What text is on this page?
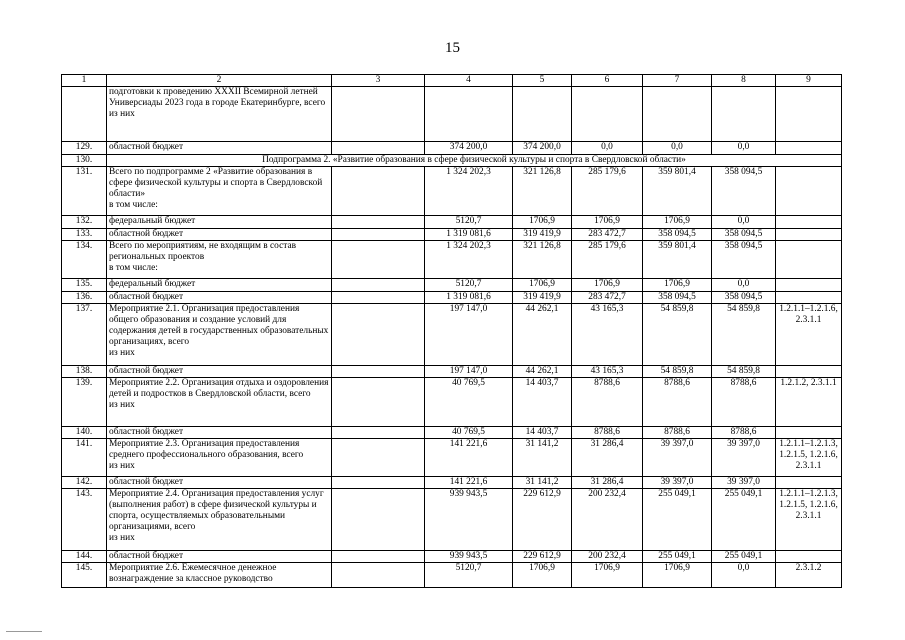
15
1	2	3	4	5	6	7	8	9
	подготовки к проведению XXXII Всемирной летней Универсиады 2023 года в городе Екатеринбурге, всего
из них							
129.	областной бюджет		374 200,0	374 200,0	0,0	0,0	0,0	
130.	Подпрограмма 2. «Развитие образования в сфере физической культуры и спорта в Свердловской области»							
131.	Всего по подпрограмме 2 «Развитие образования в сфере физической культуры и спорта в Свердловской области»
в том числе:		1 324 202,3	321 126,8	285 179,6	359 801,4	358 094,5	
132.	федеральный бюджет		5120,7	1706,9	1706,9	1706,9	0,0	
133.	областной бюджет		1 319 081,6	319 419,9	283 472,7	358 094,5	358 094,5	
134.	Всего по мероприятиям, не входящим в состав региональных проектов
в том числе:		1 324 202,3	321 126,8	285 179,6	359 801,4	358 094,5	
135.	федеральный бюджет		5120,7	1706,9	1706,9	1706,9	0,0	
136.	областной бюджет		1 319 081,6	319 419,9	283 472,7	358 094,5	358 094,5	
137.	Мероприятие 2.1. Организация предоставления общего образования и создание условий для содержания детей в государственных образовательных организациях, всего
из них		197 147,0	44 262,1	43 165,3	54 859,8	54 859,8	1.2.1.1–1.2.1.6, 2.3.1.1
138.	областной бюджет		197 147,0	44 262,1	43 165,3	54 859,8	54 859,8	
139.	Мероприятие 2.2. Организация отдыха и оздоровления детей и подростков в Свердловской области, всего
из них		40 769,5	14 403,7	8788,6	8788,6	8788,6	1.2.1.2, 2.3.1.1
140.	областной бюджет		40 769,5	14 403,7	8788,6	8788,6	8788,6	
141.	Мероприятие 2.3. Организация предоставления среднего профессионального образования, всего
из них		141 221,6	31 141,2	31 286,4	39 397,0	39 397,0	1.2.1.1–1.2.1.3, 1.2.1.5, 1.2.1.6, 2.3.1.1
142.	областной бюджет		141 221,6	31 141,2	31 286,4	39 397,0	39 397,0	
143.	Мероприятие 2.4. Организация предоставления услуг (выполнения работ) в сфере физической культуры и спорта, осуществляемых образовательными организациями, всего
из них		939 943,5	229 612,9	200 232,4	255 049,1	255 049,1	1.2.1.1–1.2.1.3, 1.2.1.5, 1.2.1.6, 2.3.1.1
144.	областной бюджет		939 943,5	229 612,9	200 232,4	255 049,1	255 049,1	
145.	Мероприятие 2.6. Ежемесячное денежное вознаграждение за классное руководство		5120,7	1706,9	1706,9	1706,9	0,0	2.3.1.2
